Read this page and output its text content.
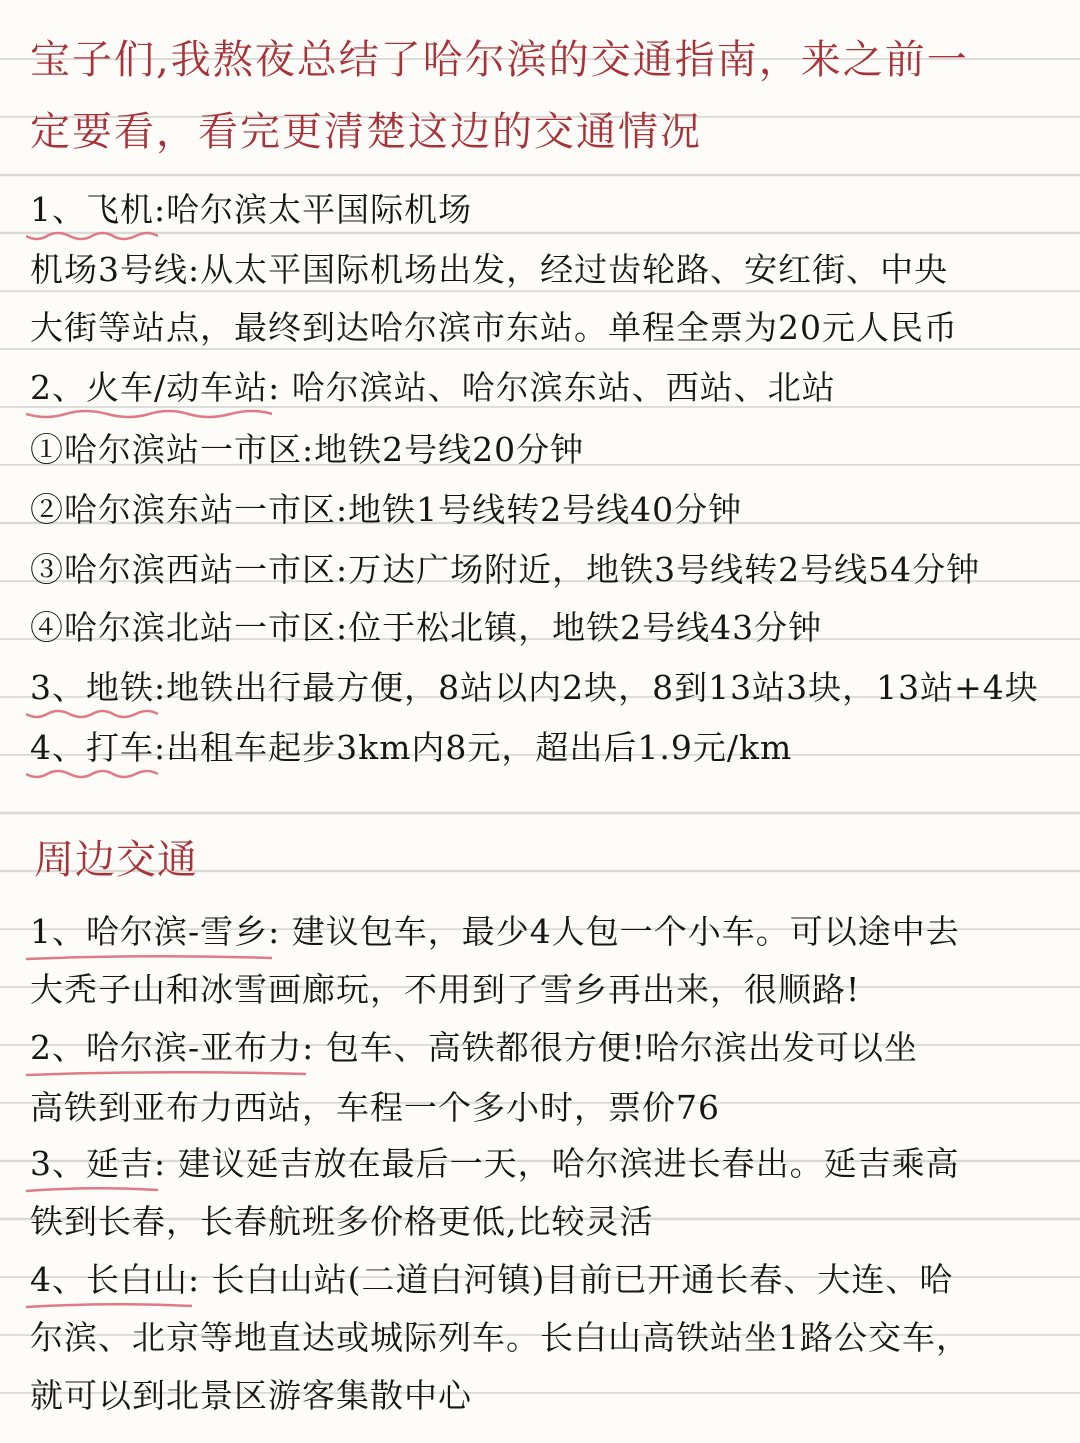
宝子们,我熬夜总结了哈尔滨的交通指南，来之前一
定要看，看完更清楚这边的交通情况
1、飞机
:哈尔滨太平国际机场
机场3号线:从太平国际机场出发，经过齿轮路、安红街、中央
大街等站点，最终到达哈尔滨市东站。单程全票为20元人民币
2、火车/动车站
: 哈尔滨站、哈尔滨东站、西站、北站
①哈尔滨站一市区:地铁2号线20分钟
②哈尔滨东站一市区:地铁1号线转2号线40分钟
③哈尔滨西站一市区:万达广场附近，地铁3号线转2号线54分钟
④哈尔滨北站一市区:位于松北镇，地铁2号线43分钟
3、地铁
:地铁出行最方便，8站以内2块，8到13站3块，13站+4块
4、打车
:出租车起步3km内8元，超出后1.9元/km
周边交通
1、哈尔滨-雪乡
: 建议包车，最少4人包一个小车。可以途中去
大秃子山和冰雪画廊玩，不用到了雪乡再出来，很顺路!
2、哈尔滨-亚布力
: 包车、高铁都很方便!哈尔滨出发可以坐
高铁到亚布力西站，车程一个多小时，票价76
3、延吉
: 建议延吉放在最后一天，哈尔滨进长春出。延吉乘高
铁到长春，长春航班多价格更低,比较灵活
4、长白山
: 长白山站(二道白河镇)目前已开通长春、大连、哈
尔滨、北京等地直达或城际列车。长白山高铁站坐1路公交车，
就可以到北景区游客集散中心
